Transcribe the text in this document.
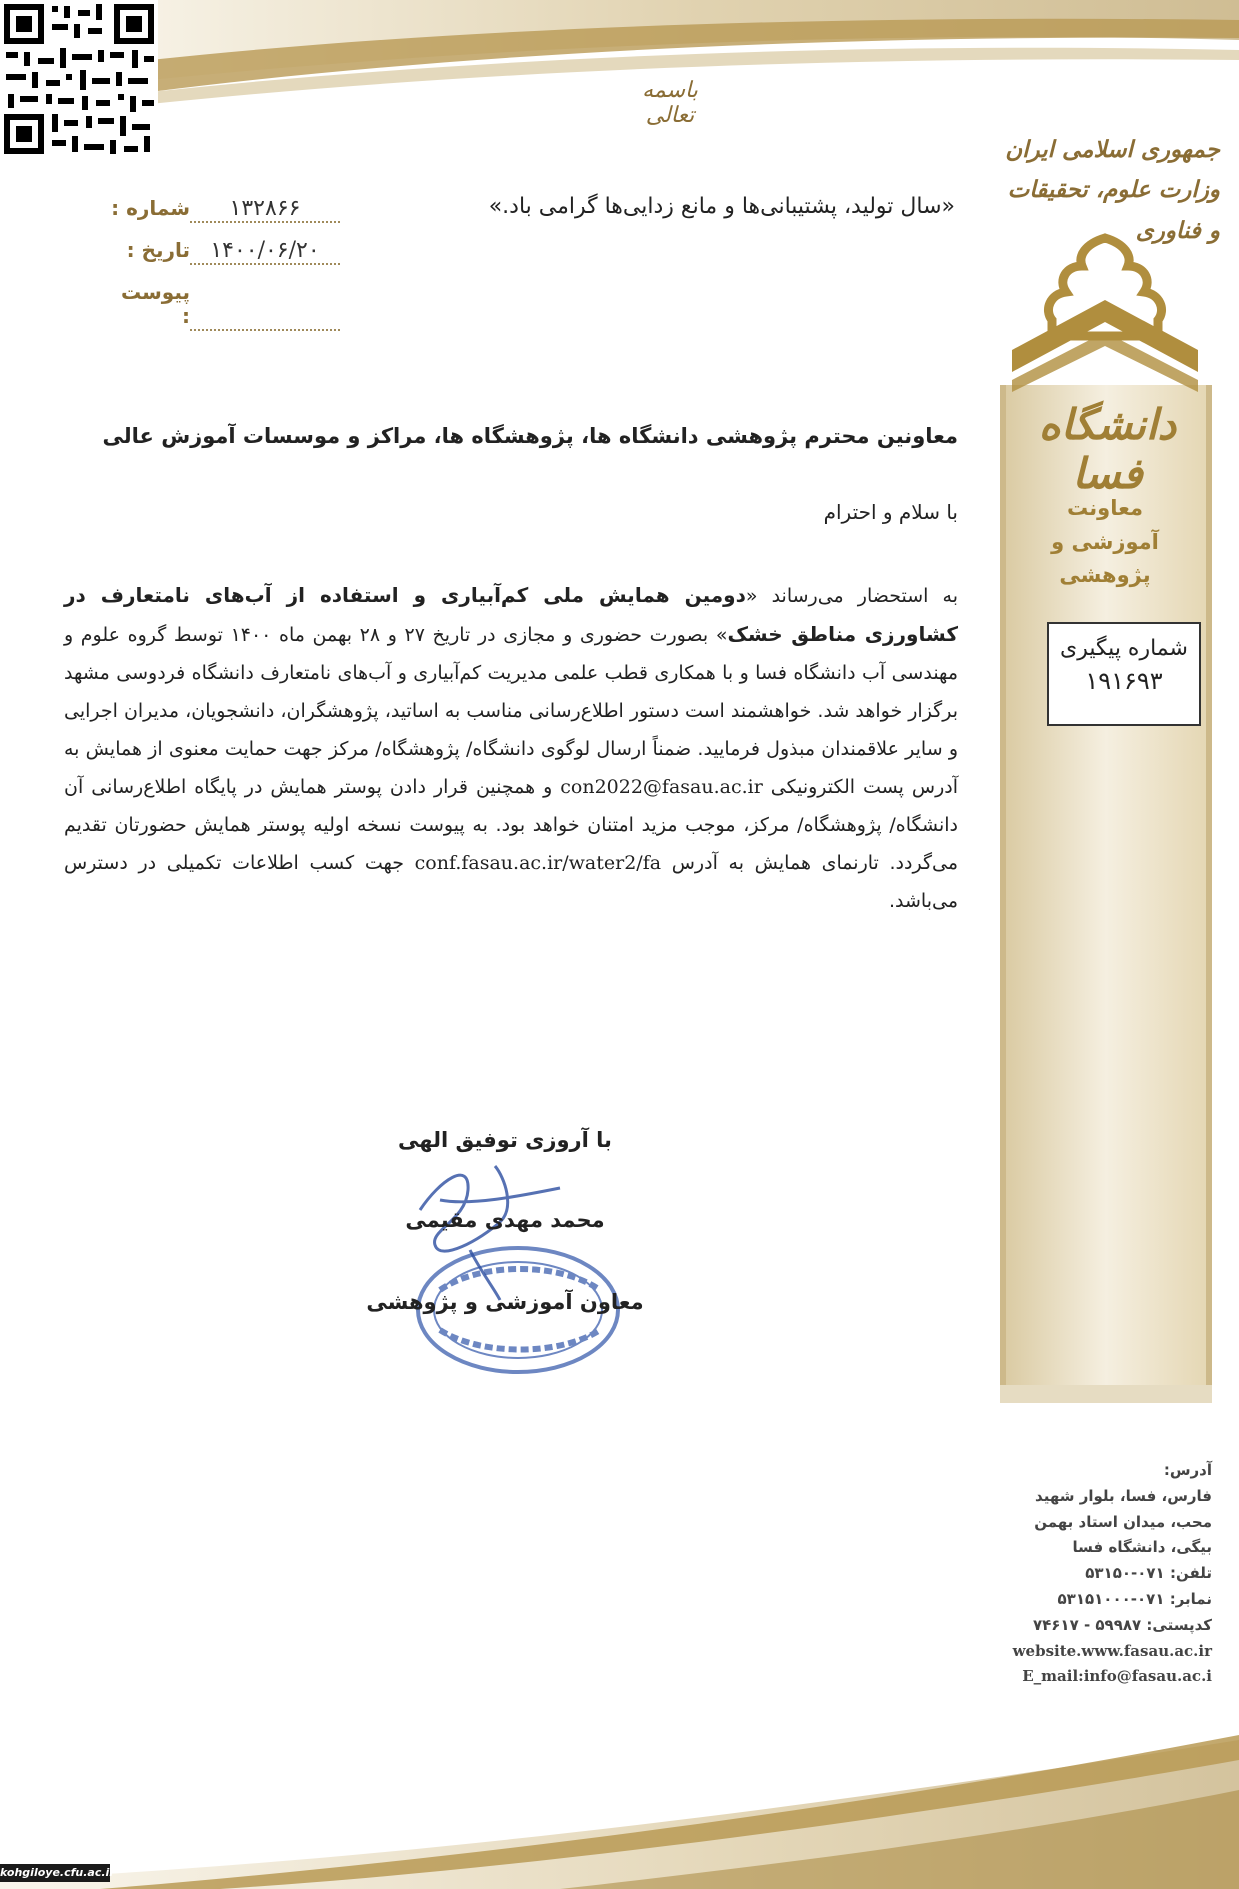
باسمه تعالی
جمهوری اسلامی ایران
وزارت علوم، تحقیقات و فناوری
دانشگاه فسا
معاونت
آموزشی و پژوهشی
شماره پیگیری
۱۹۱۶۹۳
شماره : ۱۳۲۸۶۶
تاریخ : ۱۴۰۰/۰۶/۲۰
پیوست :
«سال تولید، پشتیبانی‌ها و مانع زدایی‌ها گرامی باد.»
معاونین محترم پژوهشی دانشگاه ها، پژوهشگاه ها، مراکز و موسسات آموزش عالی
با سلام و احترام
به استحضار می‌رساند «دومین همایش ملی کم‌آبیاری و استفاده از آب‌های نامتعارف در کشاورزی مناطق خشک» بصورت حضوری و مجازی در تاریخ ۲۷ و ۲۸ بهمن ماه ۱۴۰۰ توسط گروه علوم و مهندسی آب دانشگاه فسا و با همکاری قطب علمی مدیریت کم‌آبیاری و آب‌های نامتعارف دانشگاه فردوسی مشهد برگزار خواهد شد. خواهشمند است دستور اطلاع‌رسانی مناسب به اساتید، پژوهشگران، دانشجویان، مدیران اجرایی و سایر علاقمندان مبذول فرمایید. ضمناً ارسال لوگوی دانشگاه/ پژوهشگاه/ مرکز جهت حمایت معنوی از همایش به آدرس پست الکترونیکی con2022@fasau.ac.ir و همچنین قرار دادن پوستر همایش در پایگاه اطلاع‌رسانی آن دانشگاه/ پژوهشگاه/ مرکز، موجب مزید امتنان خواهد بود. به پیوست نسخه اولیه پوستر همایش حضورتان تقدیم می‌گردد. تارنمای همایش به آدرس conf.fasau.ac.ir/water2/fa جهت کسب اطلاعات تکمیلی در دسترس می‌باشد.
با آروزی توفیق الهی
محمد مهدی مقیمی
معاون آموزشی و پژوهشی
آدرس:
فارس، فسا، بلوار شهید
محب، میدان استاد بهمن
بیگی، دانشگاه فسا
تلفن: ۰۷۱-۵۳۱۵۰
نمابر: ۰۷۱-۵۳۱۵۱۰۰۰
کدپستی: ۵۹۹۸۷ - ۷۴۶۱۷
website.www.fasau.ac.ir
E_mail:info@fasau.ac.i
kohgiloye.cfu.ac.ir
